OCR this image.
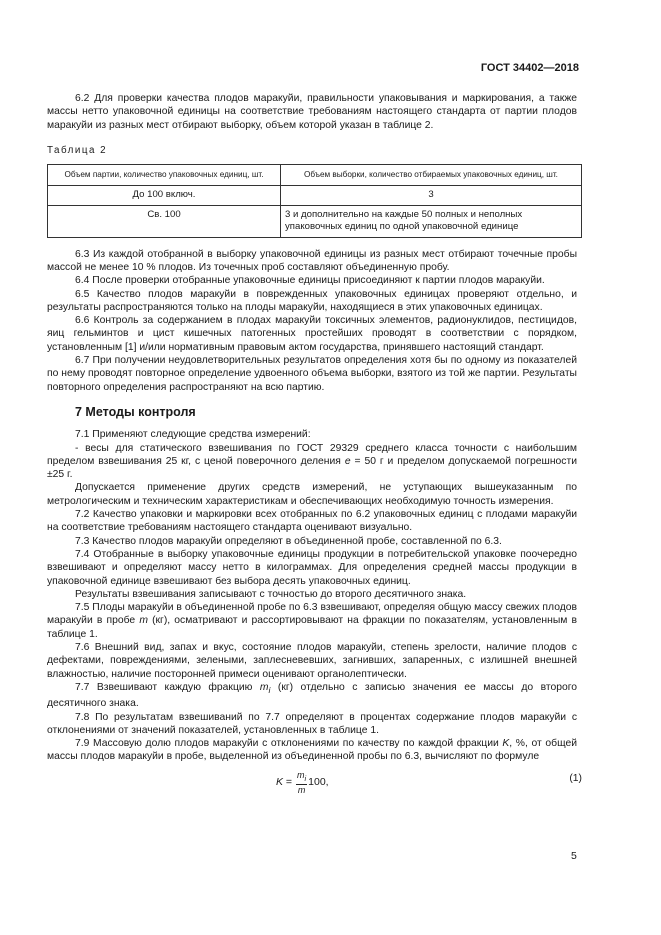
ГОСТ 34402—2018

6.2 Для проверки качества плодов маракуйи, правильности упаковывания и маркирования, а также массы нетто упаковочной единицы на соответствие требованиям настоящего стандарта от партии плодов маракуйи из разных мест отбирают выборку, объем которой указан в таблице 2.

Таблица 2

Объем партии, количество упаковочных единиц, шт.	Объем выборки, количество отбираемых упаковочных единиц, шт.
До 100 включ.	3
Св. 100	3 и дополнительно на каждые 50 полных и неполных упаковочных единиц по одной упаковочной единице

6.3 Из каждой отобранной в выборку упаковочной единицы из разных мест отбирают точечные пробы массой не менее 10 % плодов. Из точечных проб составляют объединенную пробу.

6.4 После проверки отобранные упаковочные единицы присоединяют к партии плодов маракуйи.

6.5 Качество плодов маракуйи в поврежденных упаковочных единицах проверяют отдельно, и результаты распространяются только на плоды маракуйи, находящиеся в этих упаковочных единицах.

6.6 Контроль за содержанием в плодах маракуйи токсичных элементов, радионуклидов, пестицидов, яиц гельминтов и цист кишечных патогенных простейших проводят в соответствии с порядком, установленным [1] и/или нормативным правовым актом государства, принявшего настоящий стандарт.

6.7 При получении неудовлетворительных результатов определения хотя бы по одному из показателей по нему проводят повторное определение удвоенного объема выборки, взятого из той же партии. Результаты повторного определения распространяют на всю партию.

7 Методы контроля

7.1 Применяют следующие средства измерений:

- весы для статического взвешивания по ГОСТ 29329 среднего класса точности с наибольшим пределом взвешивания 25 кг, с ценой поверочного деления e = 50 г и пределом допускаемой погрешности ±25 г.

Допускается применение других средств измерений, не уступающих вышеуказанным по метрологическим и техническим характеристикам и обеспечивающих необходимую точность измерения.

7.2 Качество упаковки и маркировки всех отобранных по 6.2 упаковочных единиц с плодами маракуйи на соответствие требованиям настоящего стандарта оценивают визуально.

7.3 Качество плодов маракуйи определяют в объединенной пробе, составленной по 6.3.

7.4 Отобранные в выборку упаковочные единицы продукции в потребительской упаковке поочередно взвешивают и определяют массу нетто в килограммах. Для определения средней массы продукции в упаковочной единице взвешивают без выбора десять упаковочных единиц.

Результаты взвешивания записывают с точностью до второго десятичного знака.

7.5 Плоды маракуйи в объединенной пробе по 6.3 взвешивают, определяя общую массу свежих плодов маракуйи в пробе m (кг), осматривают и рассортировывают на фракции по показателям, установленным в таблице 1.

7.6 Внешний вид, запах и вкус, состояние плодов маракуйи, степень зрелости, наличие плодов с дефектами, повреждениями, зелеными, заплесневевших, загнивших, запаренных, с излишней внешней влажностью, наличие посторонней примеси оценивают органолептически.

7.7 Взвешивают каждую фракцию $m_i$ (кг) отдельно с записью значения ее массы до второго десятичного знака.

7.8 По результатам взвешиваний по 7.7 определяют в процентах содержание плодов маракуйи с отклонениями от значений показателей, установленных в таблице 1.

7.9 Массовую долю плодов маракуйи с отклонениями по качеству по каждой фракции K, %, от общей массы плодов маракуйи в пробе, выделенной из объединенной пробы по 6.3, вычисляют по формуле

$K = \frac{m_i}{m} 100$,	(1)
5
